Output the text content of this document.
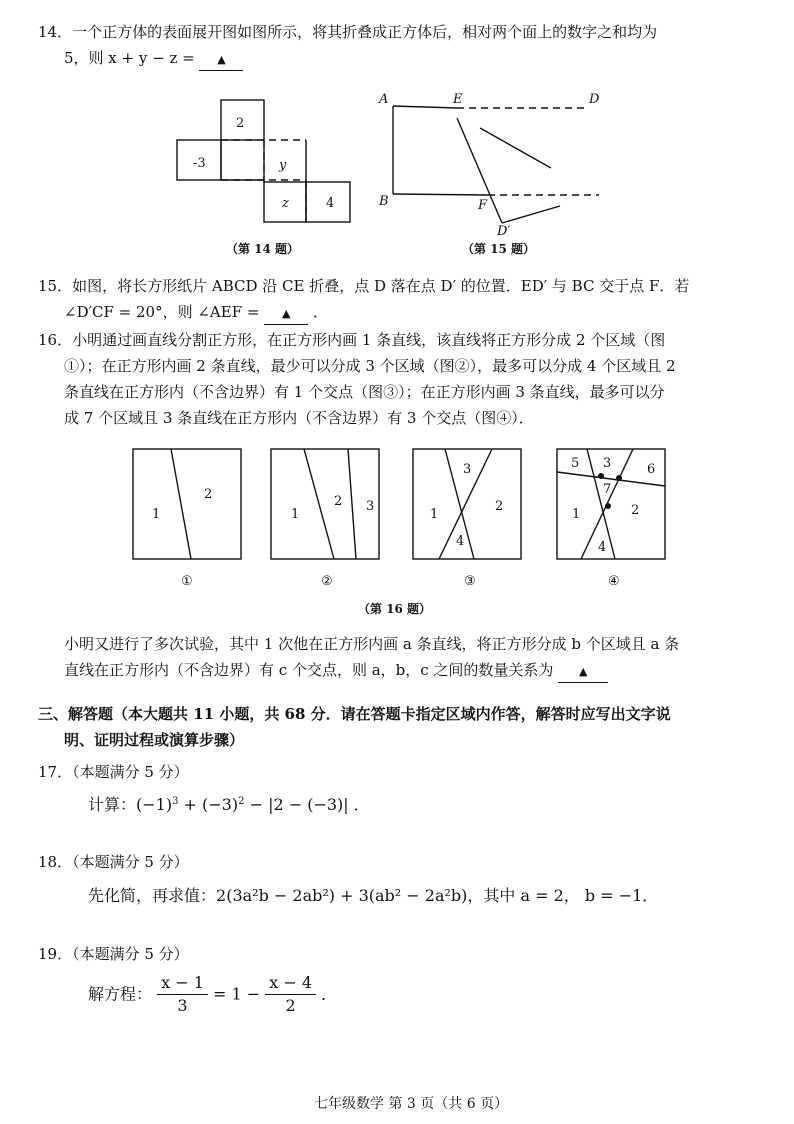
14．一个正方体的表面展开图如图所示，将其折叠成正方体后，相对两个面上的数字之和均为
5，则 x + y − z = ▲
2
-3	y
z	4
（第 14 题）
A	E	D
B	F
D′
（第 15 题）
15．如图，将长方形纸片 ABCD 沿 CE 折叠，点 D 落在点 D′ 的位置．ED′ 与 BC 交于点 F．若
∠D′CF = 20°，则 ∠AEF = ▲ ．
16．小明通过画直线分割正方形，在正方形内画 1 条直线，该直线将正方形分成 2 个区域（图
①）；在正方形内画 2 条直线，最少可以分成 3 个区域（图②），最多可以分成 4 个区域且 2
条直线在正方形内（不含边界）有 1 个交点（图③）；在正方形内画 3 条直线，最多可以分
成 7 个区域且 3 条直线在正方形内（不含边界）有 3 个交点（图④）．
1
2
①
1
2 3
②
3
1
2
4
③
5 3	6
7
1	2
4
④
（第 16 题）
小明又进行了多次试验，其中 1 次他在正方形内画 a 条直线，将正方形分成 b 个区域且 a 条
直线在正方形内（不含边界）有 c 个交点，则 a，b，c 之间的数量关系为 ▲
三、解答题（本大题共 11 小题，共 68 分．请在答题卡指定区域内作答，解答时应写出文字说
明、证明过程或演算步骤）
17．（本题满分 5 分）
计算：$(-1)^3 + (-3)^2 - |2 - (-3)|$ ．
18．（本题满分 5 分）
先化简，再求值：2(3a²b − 2ab²) + 3(ab² − 2a²b)，其中 a = 2， b = −1．
19．（本题满分 5 分）
解方程： $\frac{x - 1}{3} = 1 - \frac{x - 4}{2}$ ．
七年级数学 第 3 页（共 6 页）
